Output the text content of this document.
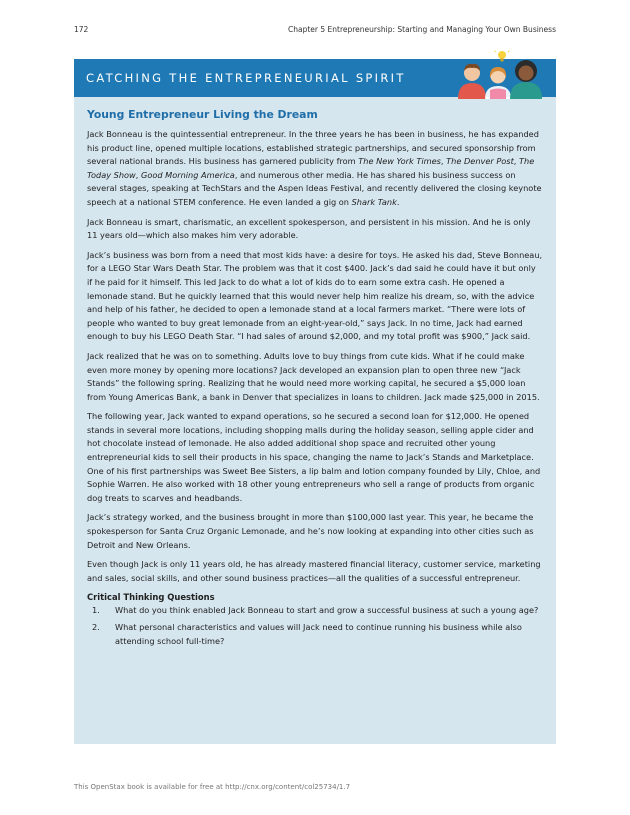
172	Chapter 5 Entrepreneurship: Starting and Managing Your Own Business
CATCHING THE ENTREPRENEURIAL SPIRIT
Young Entrepreneur Living the Dream

Jack Bonneau is the quintessential entrepreneur. In the three years he has been in business, he has expanded his product line, opened multiple locations, established strategic partnerships, and secured sponsorship from several national brands. His business has garnered publicity from The New York Times, The Denver Post, The Today Show, Good Morning America, and numerous other media. He has shared his business success on several stages, speaking at TechStars and the Aspen Ideas Festival, and recently delivered the closing keynote speech at a national STEM conference. He even landed a gig on Shark Tank.

Jack Bonneau is smart, charismatic, an excellent spokesperson, and persistent in his mission. And he is only 11 years old—which also makes him very adorable.

Jack’s business was born from a need that most kids have: a desire for toys. He asked his dad, Steve Bonneau, for a LEGO Star Wars Death Star. The problem was that it cost $400. Jack’s dad said he could have it but only if he paid for it himself. This led Jack to do what a lot of kids do to earn some extra cash. He opened a lemonade stand. But he quickly learned that this would never help him realize his dream, so, with the advice and help of his father, he decided to open a lemonade stand at a local farmers market. “There were lots of people who wanted to buy great lemonade from an eight-year-old,” says Jack. In no time, Jack had earned enough to buy his LEGO Death Star. “I had sales of around $2,000, and my total profit was $900,” Jack said.

Jack realized that he was on to something. Adults love to buy things from cute kids. What if he could make even more money by opening more locations? Jack developed an expansion plan to open three new “Jack Stands” the following spring. Realizing that he would need more working capital, he secured a $5,000 loan from Young Americas Bank, a bank in Denver that specializes in loans to children. Jack made $25,000 in 2015.

The following year, Jack wanted to expand operations, so he secured a second loan for $12,000. He opened stands in several more locations, including shopping malls during the holiday season, selling apple cider and hot chocolate instead of lemonade. He also added additional shop space and recruited other young entrepreneurial kids to sell their products in his space, changing the name to Jack’s Stands and Marketplace. One of his first partnerships was Sweet Bee Sisters, a lip balm and lotion company founded by Lily, Chloe, and Sophie Warren. He also worked with 18 other young entrepreneurs who sell a range of products from organic dog treats to scarves and headbands.

Jack’s strategy worked, and the business brought in more than $100,000 last year. This year, he became the spokesperson for Santa Cruz Organic Lemonade, and he’s now looking at expanding into other cities such as Detroit and New Orleans.

Even though Jack is only 11 years old, he has already mastered financial literacy, customer service, marketing and sales, social skills, and other sound business practices—all the qualities of a successful entrepreneur.

Critical Thinking Questions
1. What do you think enabled Jack Bonneau to start and grow a successful business at such a young age?
2. What personal characteristics and values will Jack need to continue running his business while also attending school full-time?
This OpenStax book is available for free at http://cnx.org/content/col25734/1.7
